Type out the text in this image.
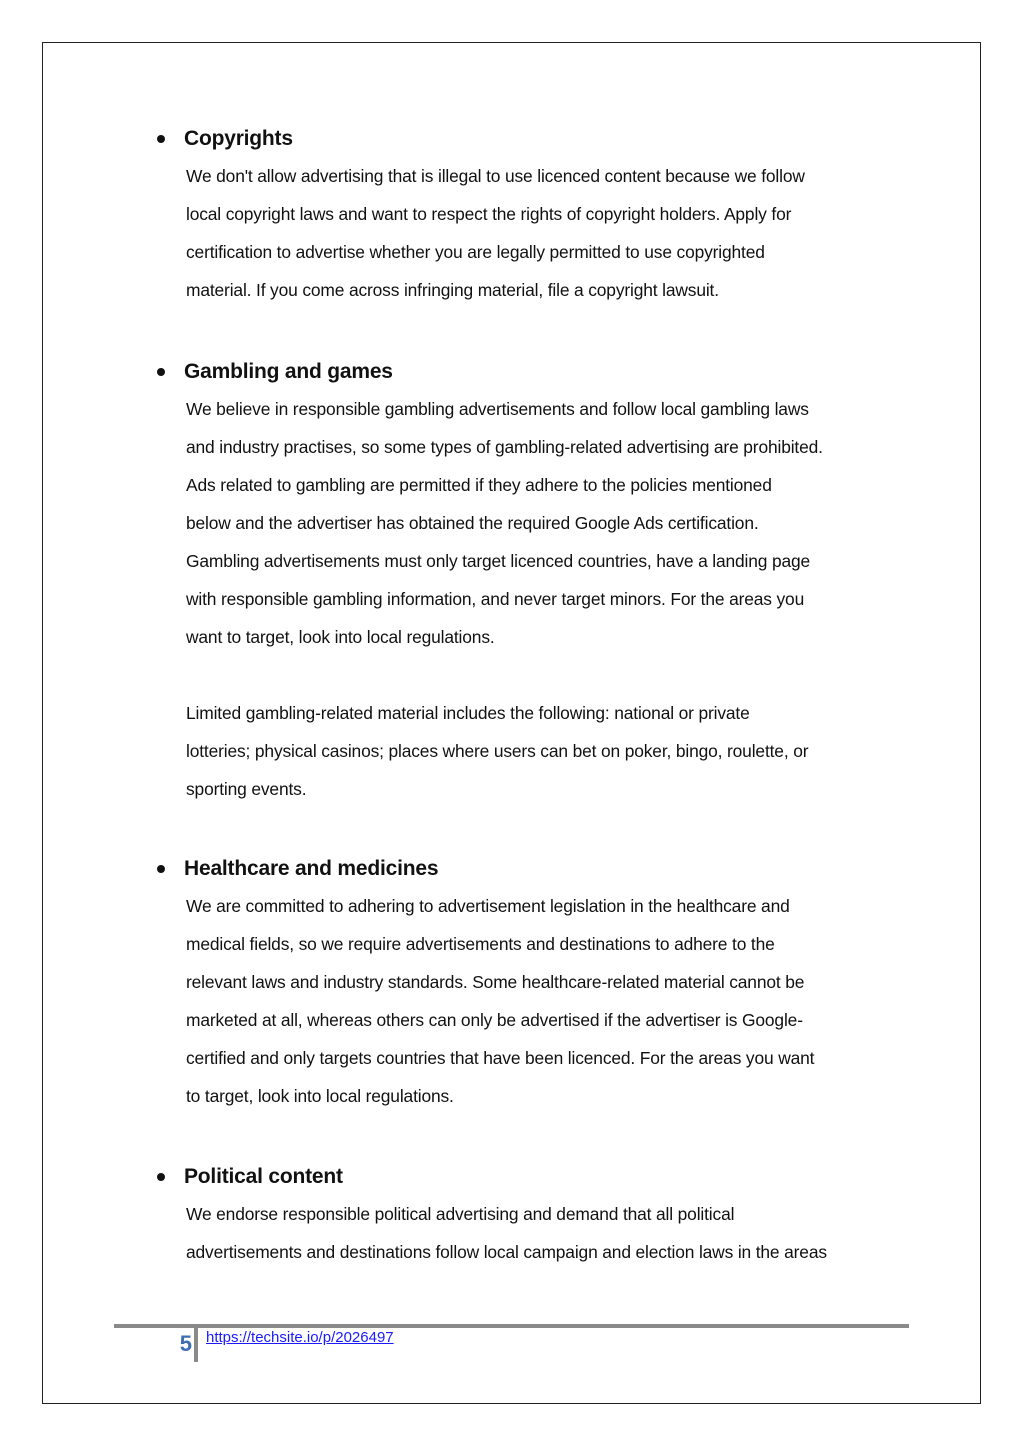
Copyrights

We don't allow advertising that is illegal to use licenced content because we follow
local copyright laws and want to respect the rights of copyright holders. Apply for
certification to advertise whether you are legally permitted to use copyrighted
material. If you come across infringing material, file a copyright lawsuit.

Gambling and games

We believe in responsible gambling advertisements and follow local gambling laws
and industry practises, so some types of gambling-related advertising are prohibited.
Ads related to gambling are permitted if they adhere to the policies mentioned
below and the advertiser has obtained the required Google Ads certification.
Gambling advertisements must only target licenced countries, have a landing page
with responsible gambling information, and never target minors. For the areas you
want to target, look into local regulations.

Limited gambling-related material includes the following: national or private
lotteries; physical casinos; places where users can bet on poker, bingo, roulette, or
sporting events.

Healthcare and medicines

We are committed to adhering to advertisement legislation in the healthcare and
medical fields, so we require advertisements and destinations to adhere to the
relevant laws and industry standards. Some healthcare-related material cannot be
marketed at all, whereas others can only be advertised if the advertiser is Google-
certified and only targets countries that have been licenced. For the areas you want
to target, look into local regulations.

Political content

We endorse responsible political advertising and demand that all political
advertisements and destinations follow local campaign and election laws in the areas

5 https://techsite.io/p/2026497
